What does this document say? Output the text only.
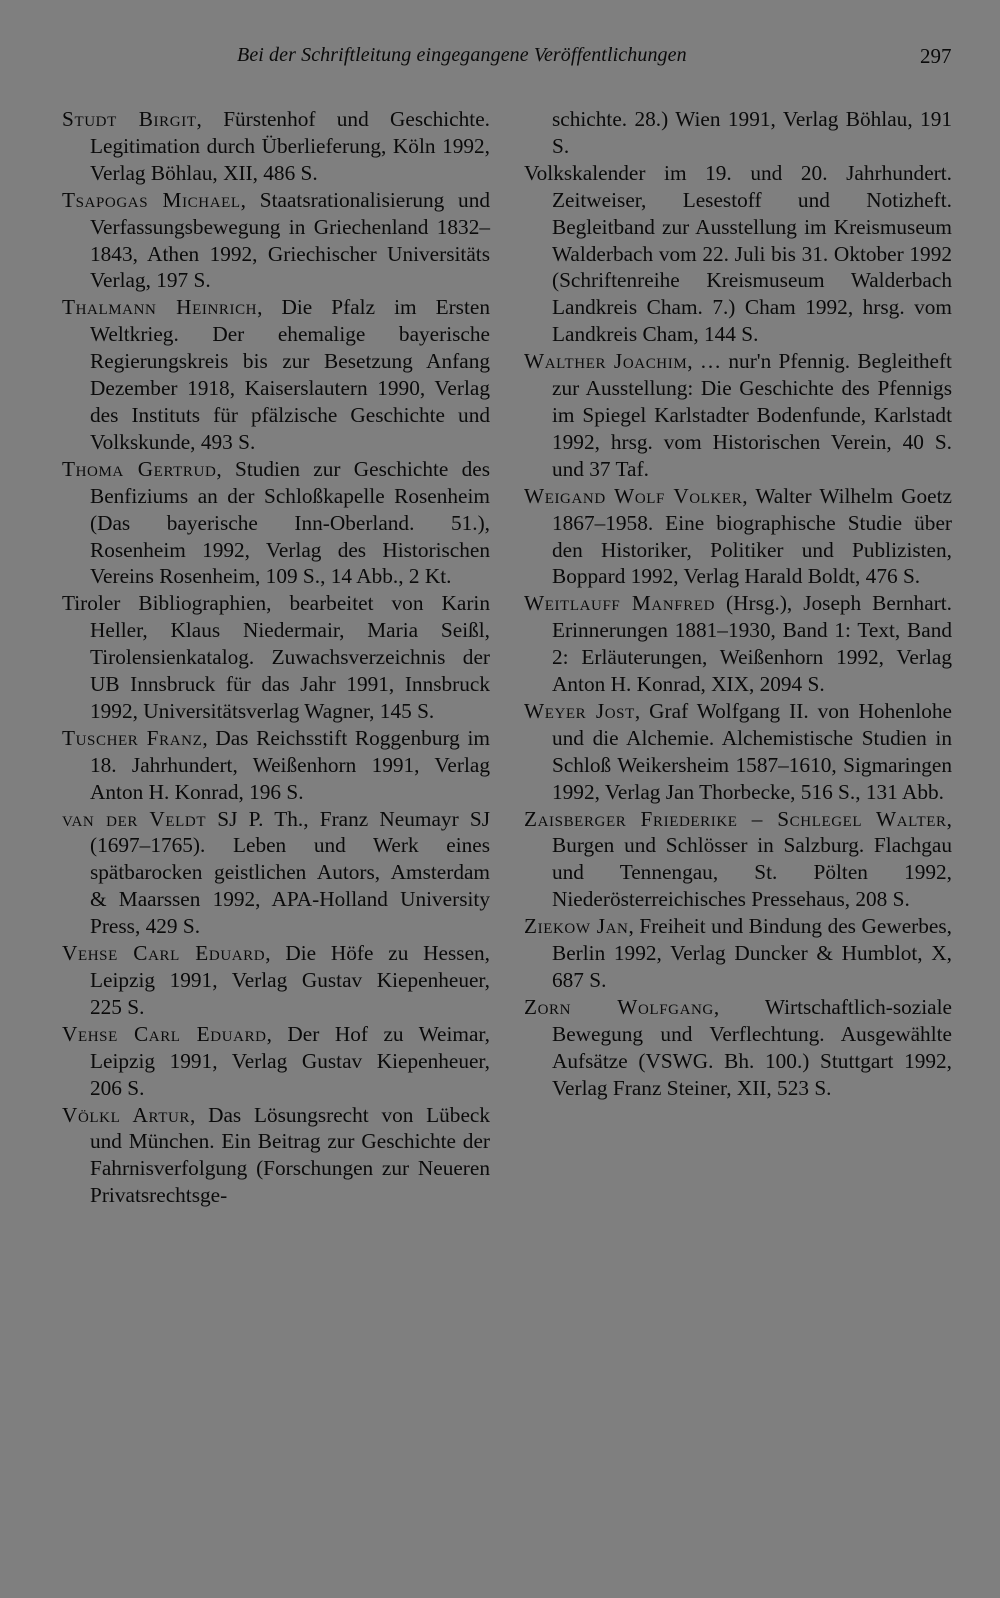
Bei der Schriftleitung eingegangene Veröffentlichungen	297

Studt Birgit, Fürstenhof und Geschichte. Legitimation durch Überlieferung, Köln 1992, Verlag Böhlau, XII, 486 S.

Tsapogas Michael, Staatsrationalisierung und Verfassungsbewegung in Griechenland 1832–1843, Athen 1992, Griechischer Universitäts Verlag, 197 S.

Thalmann Heinrich, Die Pfalz im Ersten Weltkrieg. Der ehemalige bayerische Regierungskreis bis zur Besetzung Anfang Dezember 1918, Kaiserslautern 1990, Verlag des Instituts für pfälzische Geschichte und Volkskunde, 493 S.

Thoma Gertrud, Studien zur Geschichte des Benfiziums an der Schloßkapelle Rosenheim (Das bayerische Inn-Oberland. 51.), Rosenheim 1992, Verlag des Historischen Vereins Rosenheim, 109 S., 14 Abb., 2 Kt.

Tiroler Bibliographien, bearbeitet von Karin Heller, Klaus Niedermair, Maria Seißl, Tirolensienkatalog. Zuwachsverzeichnis der UB Innsbruck für das Jahr 1991, Innsbruck 1992, Universitätsverlag Wagner, 145 S.

Tuscher Franz, Das Reichsstift Roggenburg im 18. Jahrhundert, Weißenhorn 1991, Verlag Anton H. Konrad, 196 S.

van der Veldt SJ P. Th., Franz Neumayr SJ (1697–1765). Leben und Werk eines spätbarocken geistlichen Autors, Amsterdam & Maarssen 1992, APA-Holland University Press, 429 S.

Vehse Carl Eduard, Die Höfe zu Hessen, Leipzig 1991, Verlag Gustav Kiepenheuer, 225 S.

Vehse Carl Eduard, Der Hof zu Weimar, Leipzig 1991, Verlag Gustav Kiepenheuer, 206 S.

Völkl Artur, Das Lösungsrecht von Lübeck und München. Ein Beitrag zur Geschichte der Fahrnisverfolgung (Forschungen zur Neueren Privatsrechtsge-

schichte. 28.) Wien 1991, Verlag Böhlau, 191 S.

Volkskalender im 19. und 20. Jahrhundert. Zeitweiser, Lesestoff und Notizheft. Begleitband zur Ausstellung im Kreismuseum Walderbach vom 22. Juli bis 31. Oktober 1992 (Schriftenreihe Kreismuseum Walderbach Landkreis Cham. 7.) Cham 1992, hrsg. vom Landkreis Cham, 144 S.

Walther Joachim, … nur'n Pfennig. Begleitheft zur Ausstellung: Die Geschichte des Pfennigs im Spiegel Karlstadter Bodenfunde, Karlstadt 1992, hrsg. vom Historischen Verein, 40 S. und 37 Taf.

Weigand Wolf Volker, Walter Wilhelm Goetz 1867–1958. Eine biographische Studie über den Historiker, Politiker und Publizisten, Boppard 1992, Verlag Harald Boldt, 476 S.

Weitlauff Manfred (Hrsg.), Joseph Bernhart. Erinnerungen 1881–1930, Band 1: Text, Band 2: Erläuterungen, Weißenhorn 1992, Verlag Anton H. Konrad, XIX, 2094 S.

Weyer Jost, Graf Wolfgang II. von Hohenlohe und die Alchemie. Alchemistische Studien in Schloß Weikersheim 1587–1610, Sigmaringen 1992, Verlag Jan Thorbecke, 516 S., 131 Abb.

Zaisberger Friederike – Schlegel Walter, Burgen und Schlösser in Salzburg. Flachgau und Tennengau, St. Pölten 1992, Niederösterreichisches Pressehaus, 208 S.

Ziekow Jan, Freiheit und Bindung des Gewerbes, Berlin 1992, Verlag Duncker & Humblot, X, 687 S.

Zorn Wolfgang, Wirtschaftlich-soziale Bewegung und Verflechtung. Ausgewählte Aufsätze (VSWG. Bh. 100.) Stuttgart 1992, Verlag Franz Steiner, XII, 523 S.
